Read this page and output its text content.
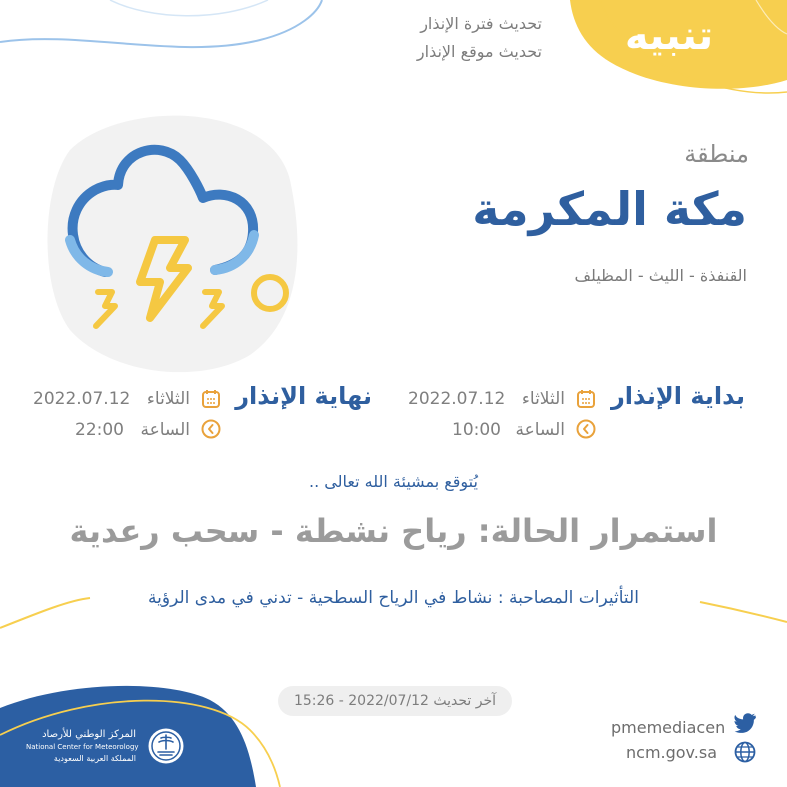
تنبيه
تحديث فترة الإنذار
تحديث موقع الإنذار
منطقة
مكة المكرمة
القنفذة - الليث - المظيلف
بداية الإنذار
الثلاثاء
2022.07.12
الساعة
10:00
نهاية الإنذار
الثلاثاء
2022.07.12
الساعة
22:00
يُتوقع بمشيئة الله تعالى ..
استمرار الحالة: رياح نشطة - سحب رعدية
التأثيرات المصاحبة : نشاط في الرياح السطحية - تدني في مدى الرؤية
آخر تحديث 2022/07/12 - 15:26
pmemediacen
ncm.gov.sa
المركز الوطني للأرصاد
National Center for Meteorology
المملكة العربية السعودية
